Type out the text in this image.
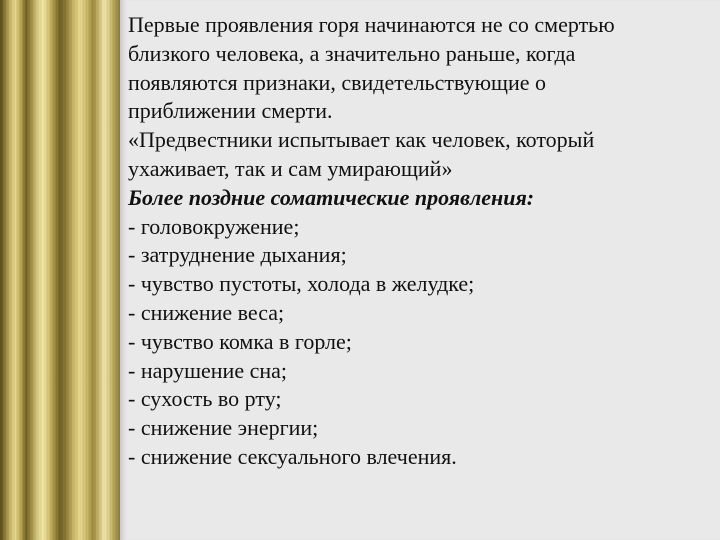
Первые проявления горя начинаются не со смертью
близкого человека, а значительно раньше, когда
появляются признаки, свидетельствующие о
приближении смерти.
«Предвестники испытывает как человек, который
ухаживает, так и сам умирающий»
Более поздние соматические проявления:
- головокружение;
- затруднение дыхания;
- чувство пустоты, холода в желудке;
- снижение веса;
- чувство комка в горле;
- нарушение сна;
- сухость во рту;
- снижение энергии;
- снижение сексуального влечения.
